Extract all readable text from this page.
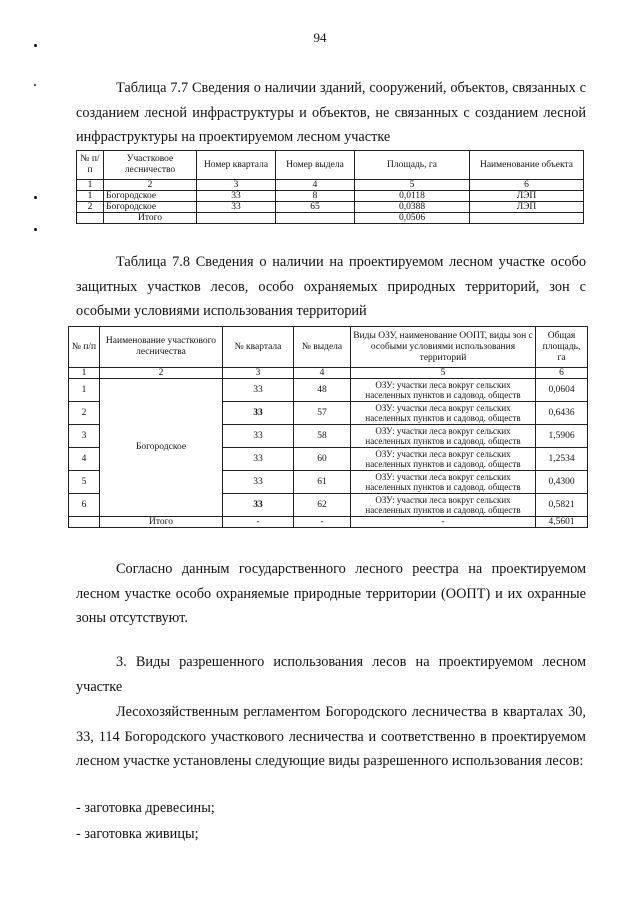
94

Таблица 7.7 Сведения о наличии зданий, сооружений, объектов, связанных с созданием лесной инфраструктуры и объектов, не связанных с созданием лесной инфраструктуры на проектируемом лесном участке

№ п/п	Участковое лесничество	Номер квартала	Номер выдела	Площадь, га	Наименование объекта
1	2	3	4	5	6
1	Богородское	33	8	0,0118	ЛЭП
2	Богородское	33	65	0,0388	ЛЭП
	Итого			0,0506	

Таблица 7.8 Сведения о наличии на проектируемом лесном участке особо защитных участков лесов, особо охраняемых природных территорий, зон с особыми условиями использования территорий

№ п/п	Наименование участкового лесничества	№ квартала	№ выдела	Виды ОЗУ, наименование ООПТ, виды зон с особыми условиями использования территорий	Общая площадь, га
1	2	3	4	5	6
1	Богородское	33	48	ОЗУ: участки леса вокруг сельских населенных пунктов и садовод. обществ	0,0604
2		33	57	ОЗУ: участки леса вокруг сельских населенных пунктов и садовод. обществ	0,6436
3		33	58	ОЗУ: участки леса вокруг сельских населенных пунктов и садовод. обществ	1,5906
4		33	60	ОЗУ: участки леса вокруг сельских населенных пунктов и садовод. обществ	1,2534
5		33	61	ОЗУ: участки леса вокруг сельских населенных пунктов и садовод. обществ	0,4300
6		33	62	ОЗУ: участки леса вокруг сельских населенных пунктов и садовод. обществ	0,5821
	Итого	-	-	-	4,5601

Согласно данным государственного лесного реестра на проектируемом лесном участке особо охраняемые природные территории (ООПТ) и их охранные зоны отсутствуют.

3. Виды разрешенного использования лесов на проектируемом лесном участке

Лесохозяйственным регламентом Богородского лесничества в кварталах 30, 33, 114 Богородского участкового лесничества и соответственно в проектируемом лесном участке установлены следующие виды разрешенного использования лесов:

- заготовка древесины;

- заготовка живицы;
